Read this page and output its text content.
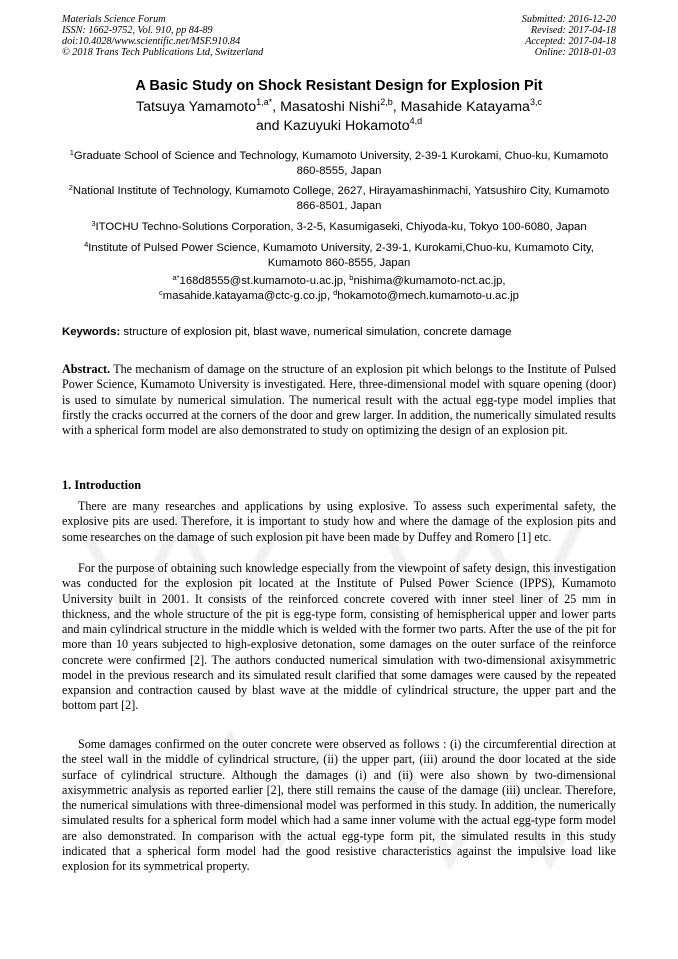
Materials Science Forum
ISSN: 1662-9752, Vol. 910, pp 84-89
doi:10.4028/www.scientific.net/MSF.910.84
© 2018 Trans Tech Publications Ltd, Switzerland
Submitted: 2016-12-20
Revised: 2017-04-18
Accepted: 2017-04-18
Online: 2018-01-03
A Basic Study on Shock Resistant Design for Explosion Pit
Tatsuya Yamamoto$^{1,a*}$, Masatoshi Nishi$^{2,b}$, Masahide Katayama$^{3,c}$
and Kazuyuki Hokamoto$^{4,d}$
$^1$Graduate School of Science and Technology, Kumamoto University, 2-39-1 Kurokami, Chuo-ku, Kumamoto 860-8555, Japan
$^2$National Institute of Technology, Kumamoto College, 2627, Hirayamashinmachi, Yatsushiro City, Kumamoto 866-8501, Japan
$^3$ITOCHU Techno-Solutions Corporation, 3-2-5, Kasumigaseki, Chiyoda-ku, Tokyo 100-6080, Japan
$^4$Institute of Pulsed Power Science, Kumamoto University, 2-39-1, Kurokami,Chuo-ku, Kumamoto City, Kumamoto 860-8555, Japan
$^{a*}$168d8555@st.kumamoto-u.ac.jp, $^b$nishima@kumamoto-nct.ac.jp,
$^c$masahide.katayama@ctc-g.co.jp, $^d$hokamoto@mech.kumamoto-u.ac.jp
Keywords: structure of explosion pit, blast wave, numerical simulation, concrete damage
Abstract. The mechanism of damage on the structure of an explosion pit which belongs to the Institute of Pulsed Power Science, Kumamoto University is investigated. Here, three-dimensional model with square opening (door) is used to simulate by numerical simulation. The numerical result with the actual egg-type model implies that firstly the cracks occurred at the corners of the door and grew larger. In addition, the numerically simulated results with a spherical form model are also demonstrated to study on optimizing the design of an explosion pit.
1. Introduction

There are many researches and applications by using explosive. To assess such experimental safety, the explosive pits are used. Therefore, it is important to study how and where the damage of the explosion pits and some researches on the damage of such explosion pit have been made by Duffey and Romero [1] etc.

For the purpose of obtaining such knowledge especially from the viewpoint of safety design, this investigation was conducted for the explosion pit located at the Institute of Pulsed Power Science (IPPS), Kumamoto University built in 2001. It consists of the reinforced concrete covered with inner steel liner of 25 mm in thickness, and the whole structure of the pit is egg-type form, consisting of hemispherical upper and lower parts and main cylindrical structure in the middle which is welded with the former two parts. After the use of the pit for more than 10 years subjected to high-explosive detonation, some damages on the outer surface of the reinforce concrete were confirmed [2]. The authors conducted numerical simulation with two-dimensional axisymmetric model in the previous research and its simulated result clarified that some damages were caused by the repeated expansion and contraction caused by blast wave at the middle of cylindrical structure, the upper part and the bottom part [2].

Some damages confirmed on the outer concrete were observed as follows : (i) the circumferential direction at the steel wall in the middle of cylindrical structure, (ii) the upper part, (iii) around the door located at the side surface of cylindrical structure. Although the damages (i) and (ii) were also shown by two-dimensional axisymmetric analysis as reported earlier [2], there still remains the cause of the damage (iii) unclear. Therefore, the numerical simulations with three-dimensional model was performed in this study. In addition, the numerically simulated results for a spherical form model which had a same inner volume with the actual egg-type form model are also demonstrated. In comparison with the actual egg-type form pit, the simulated results in this study indicated that a spherical form model had the good resistive characteristics against the impulsive load like explosion for its symmetrical property.
